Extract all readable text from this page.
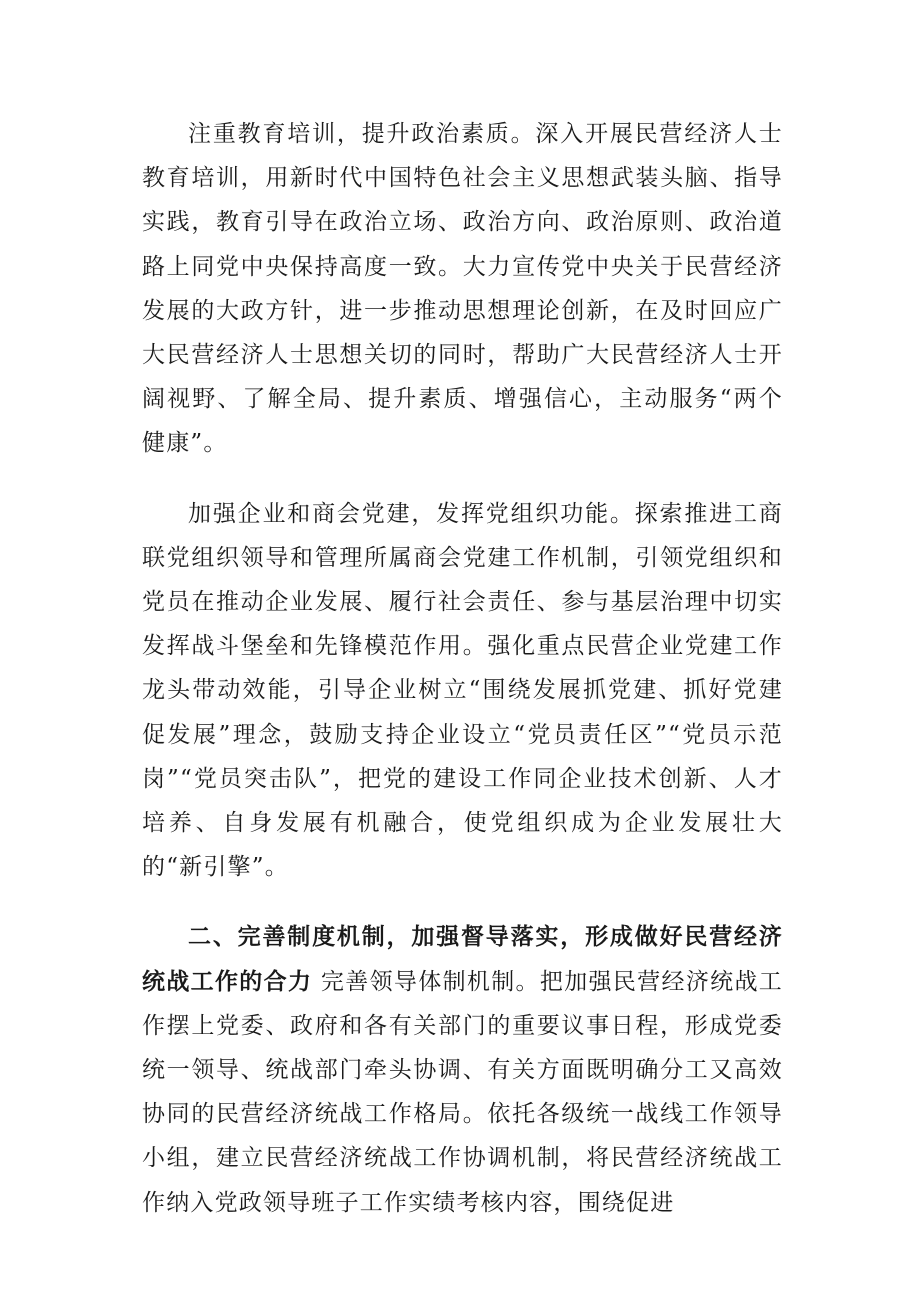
注重教育培训，提升政治素质。深入开展民营经济人士教育培训，用新时代中国特色社会主义思想武装头脑、指导实践，教育引导在政治立场、政治方向、政治原则、政治道路上同党中央保持高度一致。大力宣传党中央关于民营经济发展的大政方针，进一步推动思想理论创新，在及时回应广大民营经济人士思想关切的同时，帮助广大民营经济人士开阔视野、了解全局、提升素质、增强信心，主动服务“两个健康”。

加强企业和商会党建，发挥党组织功能。探索推进工商联党组织领导和管理所属商会党建工作机制，引领党组织和党员在推动企业发展、履行社会责任、参与基层治理中切实发挥战斗堡垒和先锋模范作用。强化重点民营企业党建工作龙头带动效能，引导企业树立“围绕发展抓党建、抓好党建促发展”理念，鼓励支持企业设立“党员责任区”“党员示范岗”“党员突击队”，把党的建设工作同企业技术创新、人才培养、自身发展有机融合，使党组织成为企业发展壮大的“新引擎”。

二、完善制度机制，加强督导落实，形成做好民营经济统战工作的合力 完善领导体制机制。把加强民营经济统战工作摆上党委、政府和各有关部门的重要议事日程，形成党委统一领导、统战部门牵头协调、有关方面既明确分工又高效协同的民营经济统战工作格局。依托各级统一战线工作领导小组，建立民营经济统战工作协调机制，将民营经济统战工作纳入党政领导班子工作实绩考核内容，围绕促进
